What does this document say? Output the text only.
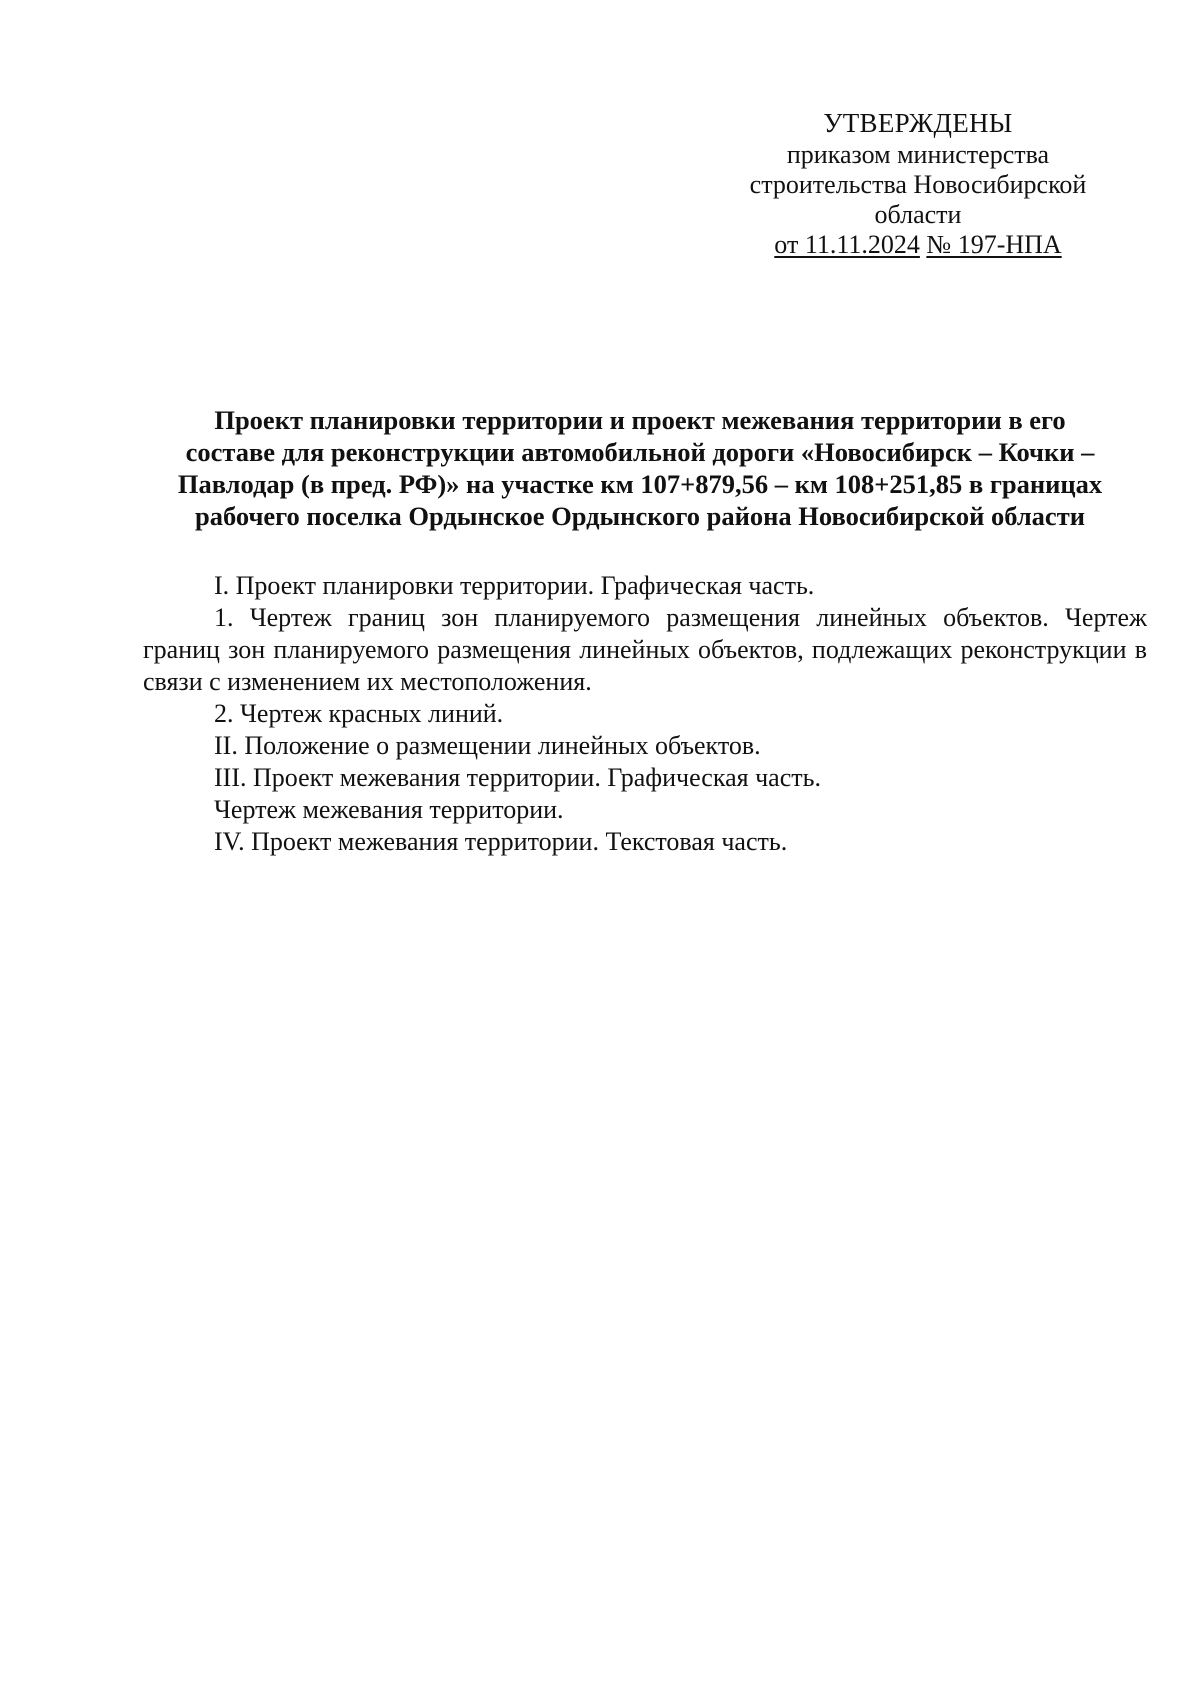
УТВЕРЖДЕНЫ
приказом министерства
строительства Новосибирской
области
от 11.11.2024 № 197-НПА
Проект планировки территории и проект межевания территории в его
составе для реконструкции автомобильной дороги «Новосибирск – Кочки –
Павлодар (в пред. РФ)» на участке км 107+879,56 – км 108+251,85 в границах
рабочего поселка Ордынское Ордынского района Новосибирской области
I. Проект планировки территории. Графическая часть.
1. Чертеж границ зон планируемого размещения линейных объектов. Чертеж границ зон планируемого размещения линейных объектов, подлежащих реконструкции в связи с изменением их местоположения.
2. Чертеж красных линий.
II. Положение о размещении линейных объектов.
III. Проект межевания территории. Графическая часть.
Чертеж межевания территории.
IV. Проект межевания территории. Текстовая часть.
